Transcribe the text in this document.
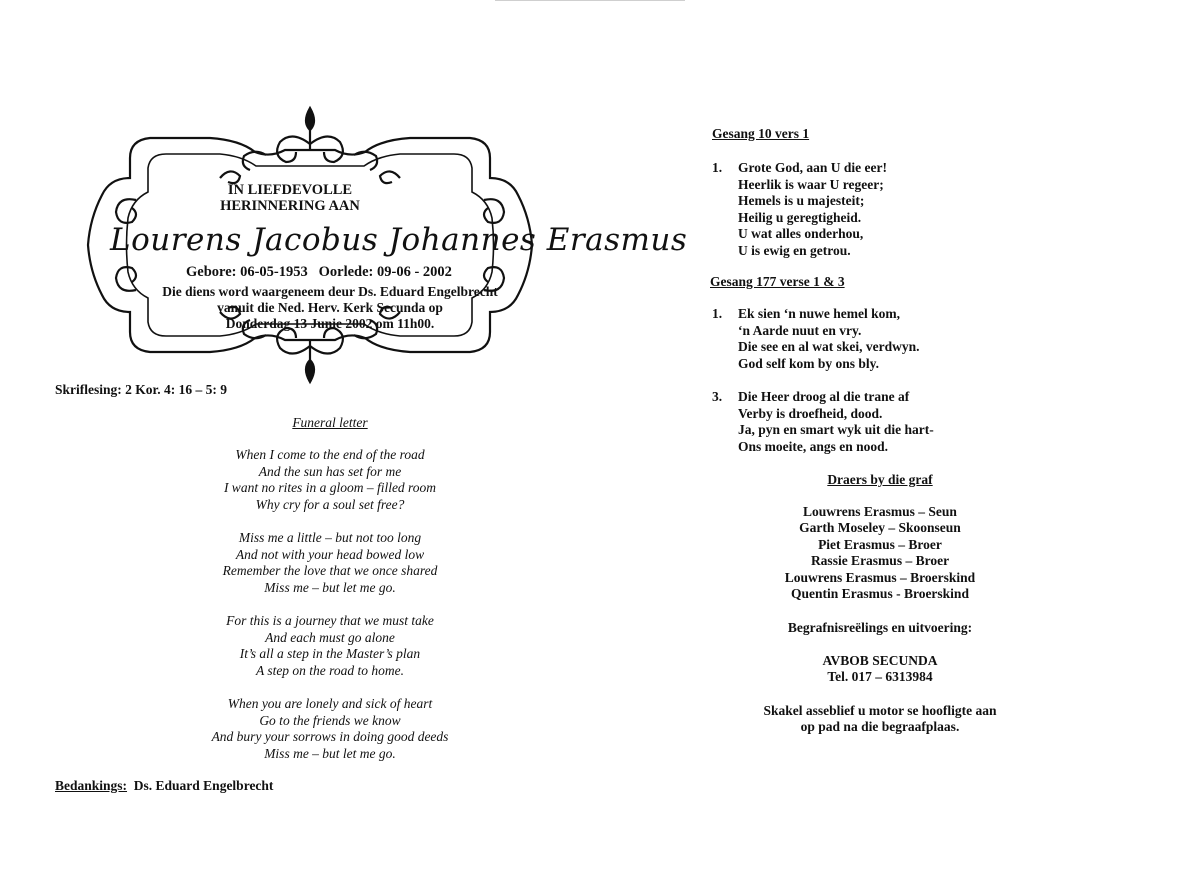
IN LIEFDEVOLLE
HERINNERING AAN
Lourens Jacobus Johannes Erasmus
Gebore: 06-05-1953 Oorlede: 09-06 - 2002
Die diens word waargeneem deur Ds. Eduard Engelbrecht
vanuit die Ned. Herv. Kerk Secunda op
Donderdag 13 Junie 2002 om 11h00.
Skriflesing: 2 Kor. 4: 16 – 5: 9
Funeral letter
When I come to the end of the road
And the sun has set for me
I want no rites in a gloom – filled room
Why cry for a soul set free?
Miss me a little – but not too long
And not with your head bowed low
Remember the love that we once shared
Miss me – but let me go.
For this is a journey that we must take
And each must go alone
It’s all a step in the Master’s plan
A step on the road to home.
When you are lonely and sick of heart
Go to the friends we know
And bury your sorrows in doing good deeds
Miss me – but let me go.
Bedankings: Ds. Eduard Engelbrecht
Gesang 10 vers 1
1. Grote God, aan U die eer!
Heerlik is waar U regeer;
Hemels is u majesteit;
Heilig u geregtigheid.
U wat alles onderhou,
U is ewig en getrou.
Gesang 177 verse 1 & 3
1. Ek sien ‘n nuwe hemel kom,
‘n Aarde nuut en vry.
Die see en al wat skei, verdwyn.
God self kom by ons bly.
3. Die Heer droog al die trane af
Verby is droefheid, dood.
Ja, pyn en smart wyk uit die hart-
Ons moeite, angs en nood.
Draers by die graf
Louwrens Erasmus – Seun
Garth Moseley – Skoonseun
Piet Erasmus – Broer
Rassie Erasmus – Broer
Louwrens Erasmus – Broerskind
Quentin Erasmus - Broerskind
Begrafnisreëlings en uitvoering:
AVBOB SECUNDA
Tel. 017 – 6313984
Skakel asseblief u motor se hoofligte aan
op pad na die begraafplaas.
